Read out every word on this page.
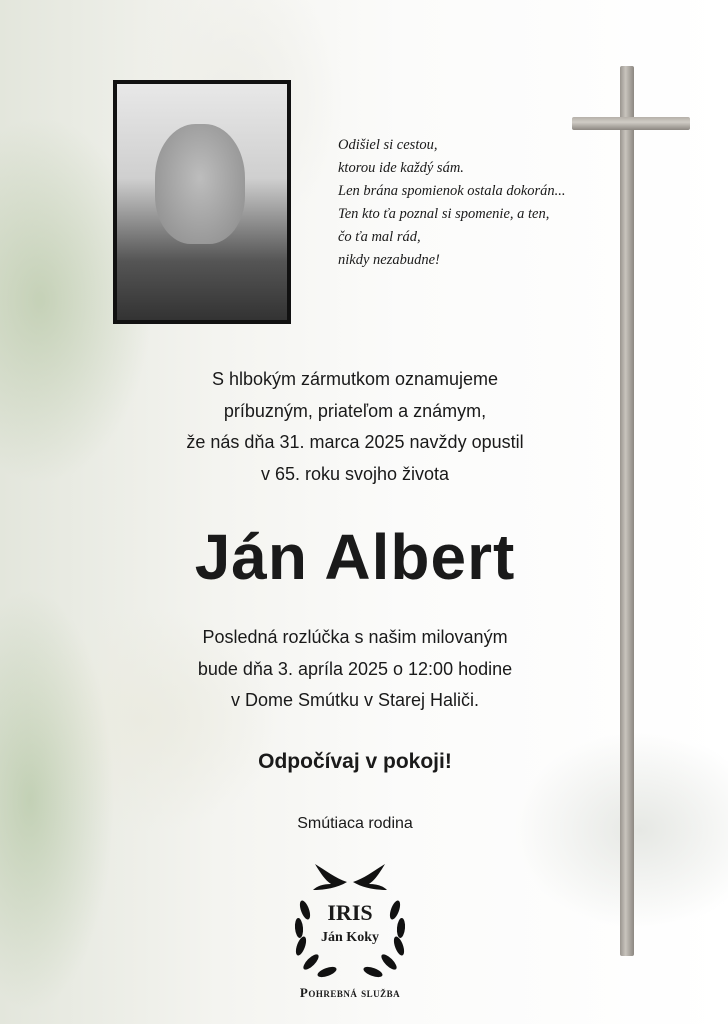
Odišiel si cestou,
ktorou ide každý sám.
Len brána spomienok ostala dokorán...
Ten kto ťa poznal si spomenie, a ten,
čo ťa mal rád,
nikdy nezabudne!
S hlbokým zármutkom oznamujeme
príbuzným, priateľom a známym,
že nás dňa 31. marca 2025 navždy opustil
v 65. roku svojho života
Ján Albert
Posledná rozlúčka s našim milovaným
bude dňa 3. apríla 2025 o 12:00 hodine
v Dome Smútku v Starej Haliči.
Odpočívaj v pokoji!
Smútiaca rodina
IRIS
Ján Koky
Pohrebná služba
